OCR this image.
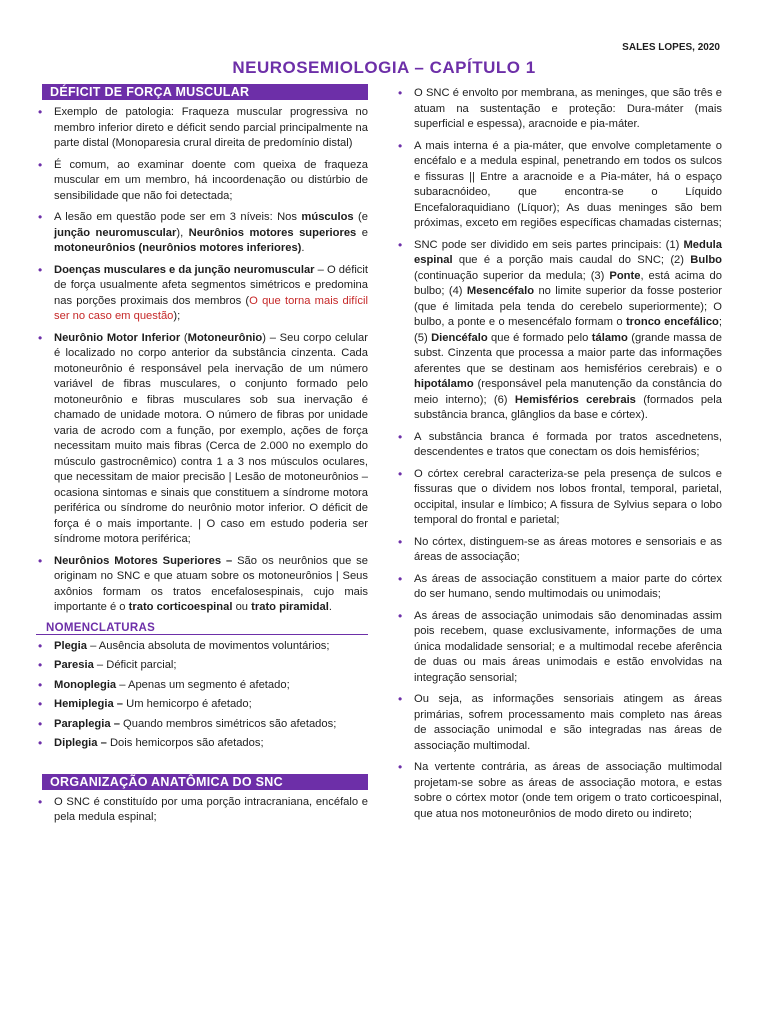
SALES LOPES, 2020
NEUROSEMIOLOGIA – CAPÍTULO 1
DÉFICIT DE FORÇA MUSCULAR
• Exemplo de patologia: Fraqueza muscular progressiva no membro inferior direto e déficit sendo parcial principalmente na parte distal (Monoparesia crural direita de predomínio distal)
• É comum, ao examinar doente com queixa de fraqueza muscular em um membro, há incoordenação ou distúrbio de sensibilidade que não foi detectada;
• A lesão em questão pode ser em 3 níveis: Nos músculos (e junção neuromuscular), Neurônios motores superiores e motoneurônios (neurônios motores inferiores).
• Doenças musculares e da junção neuromuscular – O déficit de força usualmente afeta segmentos simétricos e predomina nas porções proximais dos membros (O que torna mais difícil ser no caso em questão);
• Neurônio Motor Inferior (Motoneurônio) – Seu corpo celular é localizado no corpo anterior da substância cinzenta. Cada motoneurônio é responsável pela inervação de um número variável de fibras musculares, o conjunto formado pelo motoneurônio e fibras musculares sob sua inervação é chamado de unidade motora. O número de fibras por unidade varia de acrodo com a função, por exemplo, ações de força necessitam muito mais fibras (Cerca de 2.000 no exemplo do músculo gastrocnêmico) contra 1 a 3 nos músculos oculares, que necessitam de maior precisão | Lesão de motoneurônios – ocasiona sintomas e sinais que constituem a síndrome motora periférica ou síndrome do neurônio motor inferior. O déficit de força é o mais importante. | O caso em estudo poderia ser síndrome motora periférica;
• Neurônios Motores Superiores – São os neurônios que se originam no SNC e que atuam sobre os motoneurônios | Seus axônios formam os tratos encefalosespinais, cujo mais importante é o trato corticoespinal ou trato piramidal.
NOMENCLATURAS
• Plegia – Ausência absoluta de movimentos voluntários;
• Paresia – Déficit parcial;
• Monoplegia – Apenas um segmento é afetado;
• Hemiplegia – Um hemicorpo é afetado;
• Paraplegia – Quando membros simétricos são afetados;
• Diplegia – Dois hemicorpos são afetados;
ORGANIZAÇÃO ANATÔMICA DO SNC
• O SNC é constituído por uma porção intracraniana, encéfalo e pela medula espinal;
• O SNC é envolto por membrana, as meninges, que são três e atuam na sustentação e proteção: Dura-máter (mais superficial e espessa), aracnoide e pia-máter.
• A mais interna é a pia-máter, que envolve completamente o encéfalo e a medula espinal, penetrando em todos os sulcos e fissuras || Entre a aracnoide e a Pia-máter, há o espaço subaracnóideo, que encontra-se o Líquido Encefaloraquidiano (Líquor); As duas meninges são bem próximas, exceto em regiões específicas chamadas cisternas;
• SNC pode ser dividido em seis partes principais: (1) Medula espinal que é a porção mais caudal do SNC; (2) Bulbo (continuação superior da medula; (3) Ponte, está acima do bulbo; (4) Mesencéfalo no limite superior da fosse posterior (que é limitada pela tenda do cerebelo superiormente); O bulbo, a ponte e o mesencéfalo formam o tronco encefálico; (5) Diencéfalo que é formado pelo tálamo (grande massa de subst. Cinzenta que processa a maior parte das informações aferentes que se destinam aos hemisférios cerebrais) e o hipotálamo (responsável pela manutenção da constância do meio interno); (6) Hemisférios cerebrais (formados pela substância branca, glânglios da base e córtex).
• A substância branca é formada por tratos ascednetens, descendentes e tratos que conectam os dois hemisférios;
• O córtex cerebral caracteriza-se pela presença de sulcos e fissuras que o dividem nos lobos frontal, temporal, parietal, occipital, insular e límbico; A fissura de Sylvius separa o lobo temporal do frontal e parietal;
• No córtex, distinguem-se as áreas motores e sensoriais e as áreas de associação;
• As áreas de associação constituem a maior parte do córtex do ser humano, sendo multimodais ou unimodais;
• As áreas de associação unimodais são denominadas assim pois recebem, quase exclusivamente, informações de uma única modalidade sensorial; e a multimodal recebe aferência de duas ou mais áreas unimodais e estão envolvidas na integração sensorial;
• Ou seja, as informações sensoriais atingem as áreas primárias, sofrem processamento mais completo nas áreas de associação unimodal e são integradas nas áreas de associação multimodal.
• Na vertente contrária, as áreas de associação multimodal projetam-se sobre as áreas de associação motora, e estas sobre o córtex motor (onde tem origem o trato corticoespinal, que atua nos motoneurônios de modo direto ou indireto;
